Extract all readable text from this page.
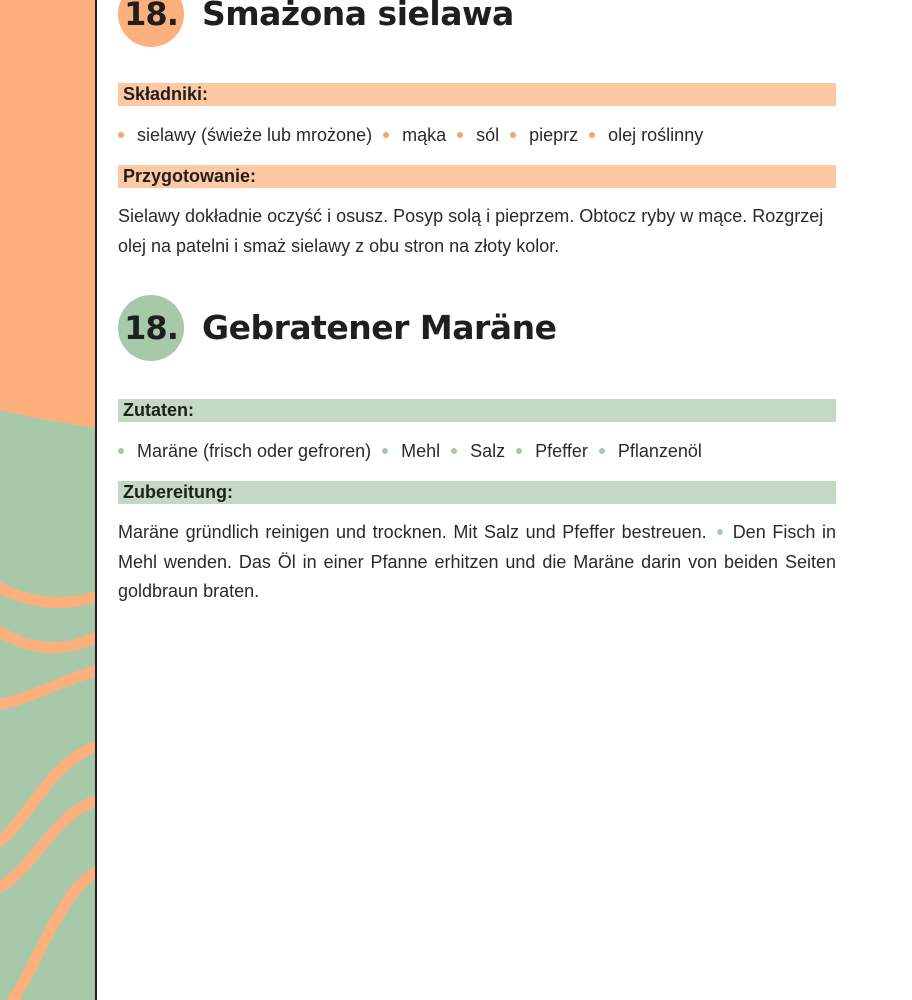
18. Smażona sielawa
Składniki:
sielawy (świeże lub mrożone) mąka sól pieprz olej roślinny
Przygotowanie:

Sielawy dokładnie oczyść i osusz. Posyp solą i pieprzem. Obtocz ryby w mące. Rozgrzej olej na patelni i smaż sielawy z obu stron na złoty kolor.

18. Gebratener Maräne
Zutaten:
Maräne (frisch oder gefroren) Mehl Salz Pfeffer Pflanzenöl
Zubereitung:

Maräne gründlich reinigen und trocknen. Mit Salz und Pfeffer bestreuen. Den Fisch in Mehl wenden. Das Öl in einer Pfanne erhitzen und die Maräne darin von beiden Seiten goldbraun braten.
